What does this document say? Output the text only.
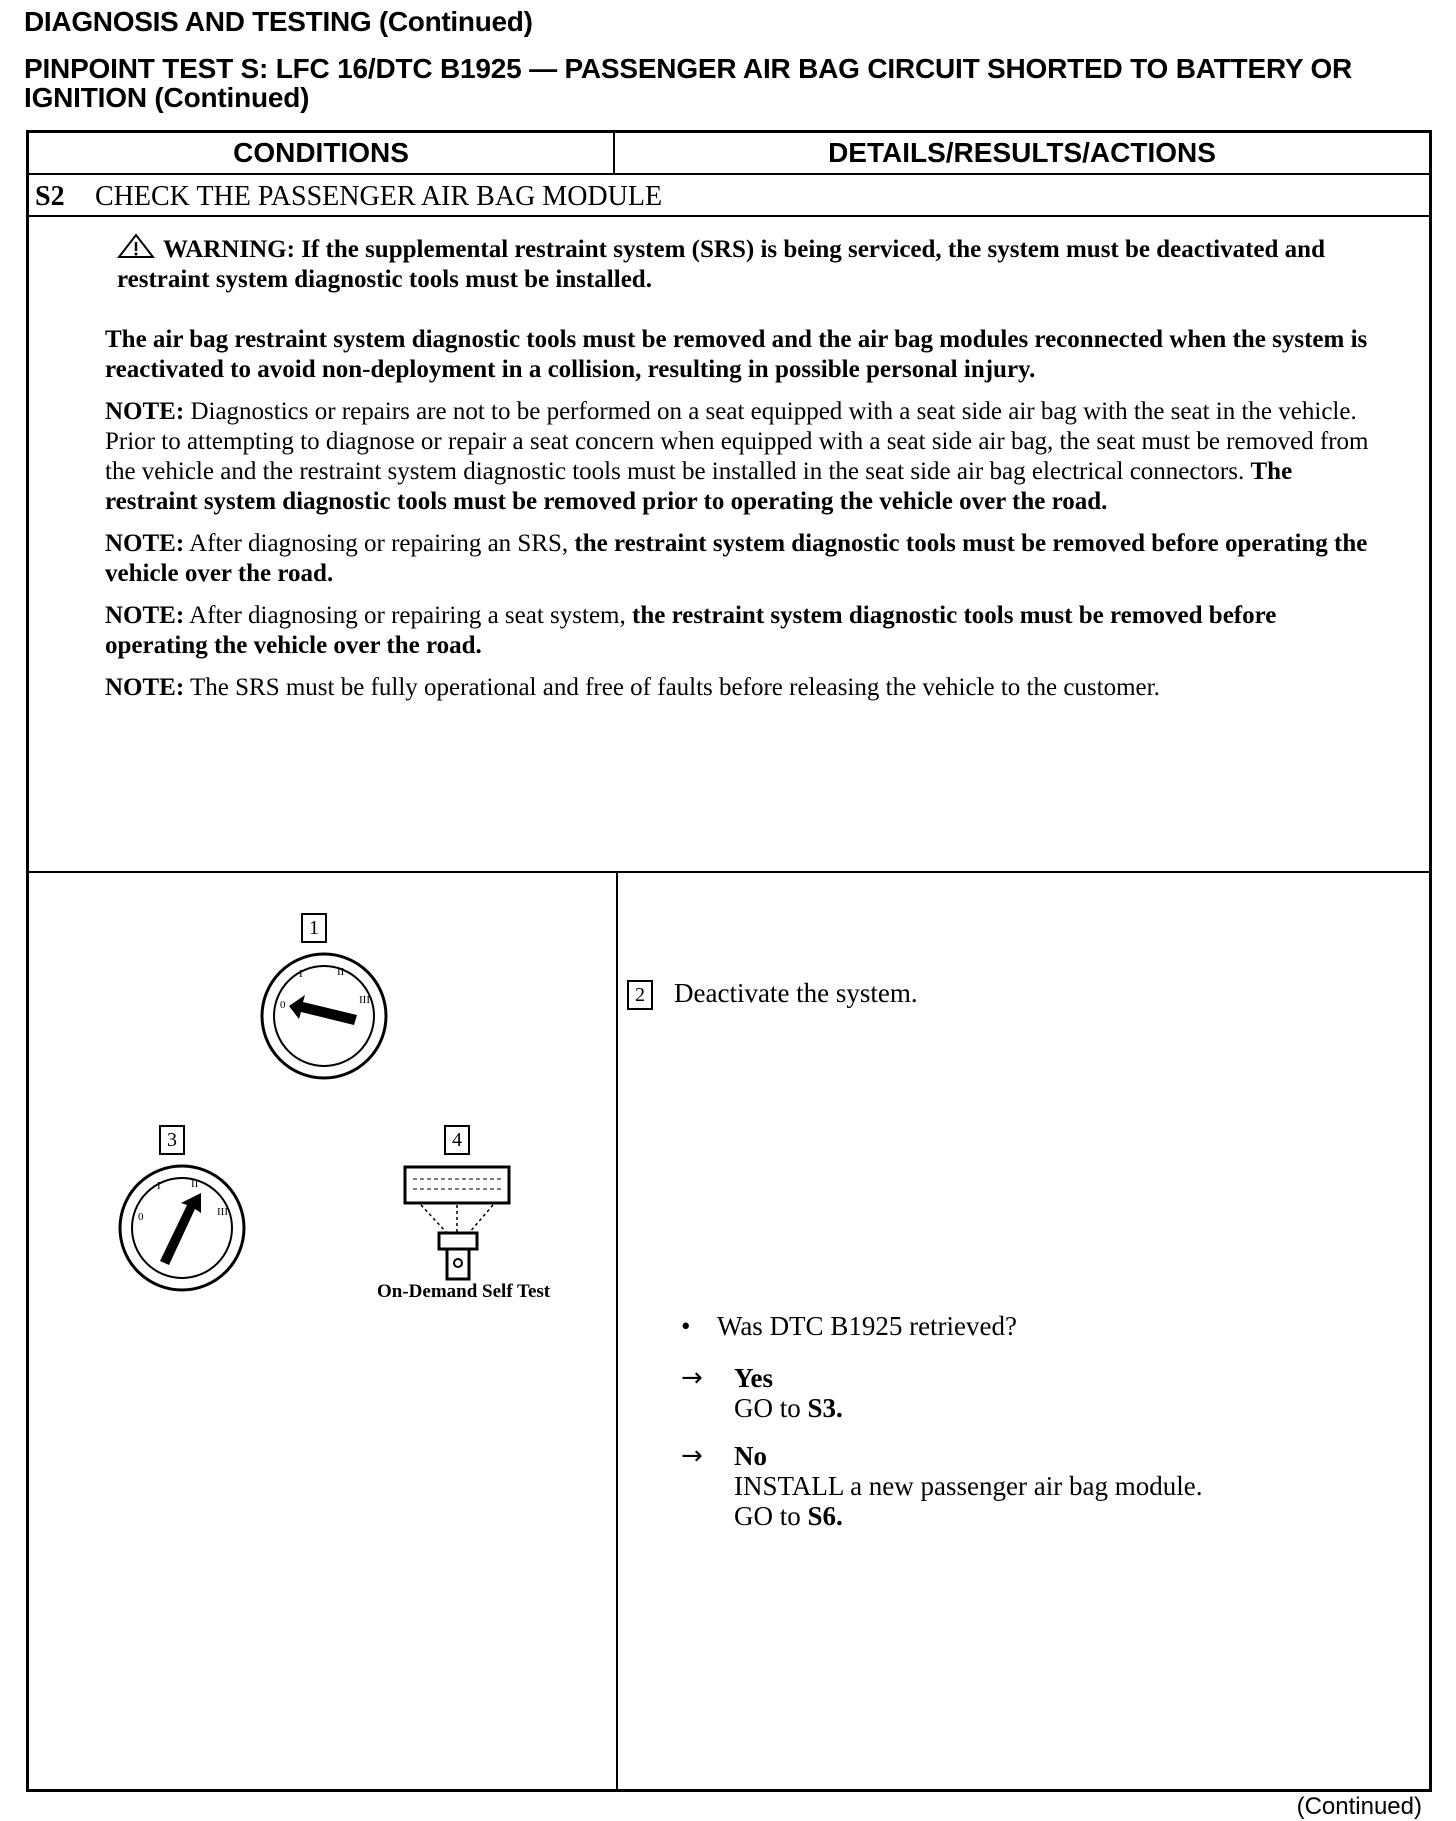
DIAGNOSIS AND TESTING (Continued)
PINPOINT TEST S: LFC 16/DTC B1925 — PASSENGER AIR BAG CIRCUIT SHORTED TO BATTERY OR IGNITION (Continued)
CONDITIONS	DETAILS/RESULTS/ACTIONS
S2 CHECK THE PASSENGER AIR BAG MODULE

WARNING: If the supplemental restraint system (SRS) is being serviced, the system must be deactivated and restraint system diagnostic tools must be installed.

The air bag restraint system diagnostic tools must be removed and the air bag modules reconnected when the system is reactivated to avoid non-deployment in a collision, resulting in possible personal injury.

NOTE: Diagnostics or repairs are not to be performed on a seat equipped with a seat side air bag with the seat in the vehicle. Prior to attempting to diagnose or repair a seat concern when equipped with a seat side air bag, the seat must be removed from the vehicle and the restraint system diagnostic tools must be installed in the seat side air bag electrical connectors. The restraint system diagnostic tools must be removed prior to operating the vehicle over the road.

NOTE: After diagnosing or repairing an SRS, the restraint system diagnostic tools must be removed before operating the vehicle over the road.

NOTE: After diagnosing or repairing a seat system, the restraint system diagnostic tools must be removed before operating the vehicle over the road.

NOTE: The SRS must be fully operational and free of faults before releasing the vehicle to the customer.

1
0
I	II
III
3
0
I	II
III
4
On-Demand Self Test
2 Deactivate the system.
• Was DTC B1925 retrieved?
→ Yes
GO to S3.
→ No
INSTALL a new passenger air bag module.
GO to S6.
(Continued)
